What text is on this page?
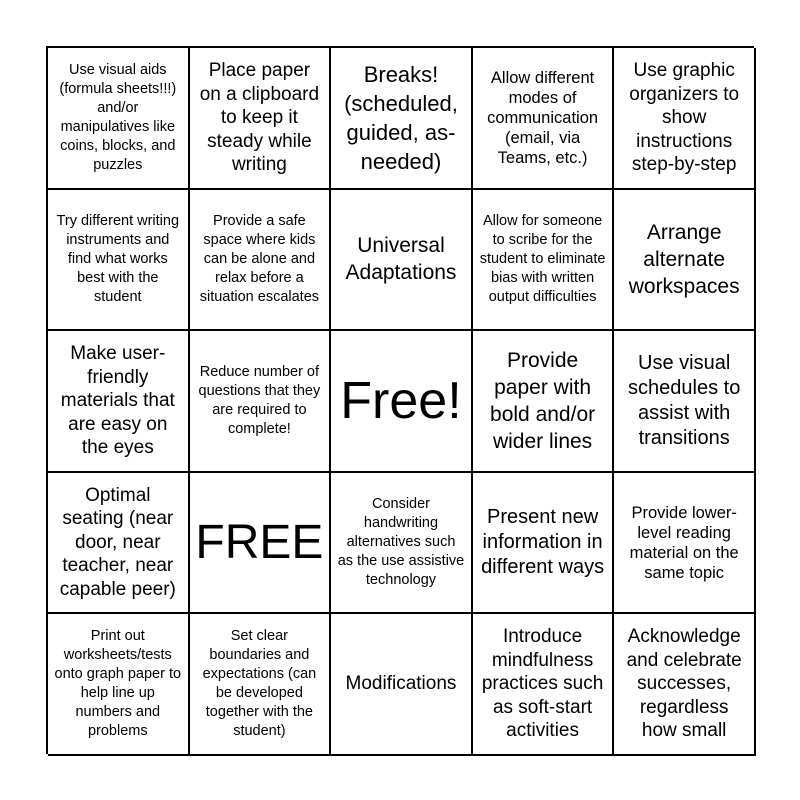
Use visual aids (formula sheets!!!) and/or manipulatives like coins, blocks, and puzzles
Place paper on a clipboard to keep it steady while writing
Breaks! (scheduled, guided, as-needed)
Allow different modes of communication (email, via Teams, etc.)
Use graphic organizers to show instructions step-by-step
Try different writing instruments and find what works best with the student
Provide a safe space where kids can be alone and relax before a situation escalates
Universal Adaptations
Allow for someone to scribe for the student to eliminate bias with written output difficulties
Arrange alternate workspaces
Make user-friendly materials that are easy on the eyes
Reduce number of questions that they are required to complete! Free!
Provide paper with bold and/or wider lines
Use visual schedules to assist with transitions
Optimal seating (near door, near teacher, near capable peer)
FREE
Consider handwriting alternatives such as the use assistive technology
Present new information in different ways
Provide lower-level reading material on the same topic
Print out worksheets/tests onto graph paper to help line up numbers and problems
Set clear boundaries and expectations (can be developed together with the student)
Modifications
Introduce mindfulness practices such as soft-start activities
Acknowledge and celebrate successes, regardless how small
